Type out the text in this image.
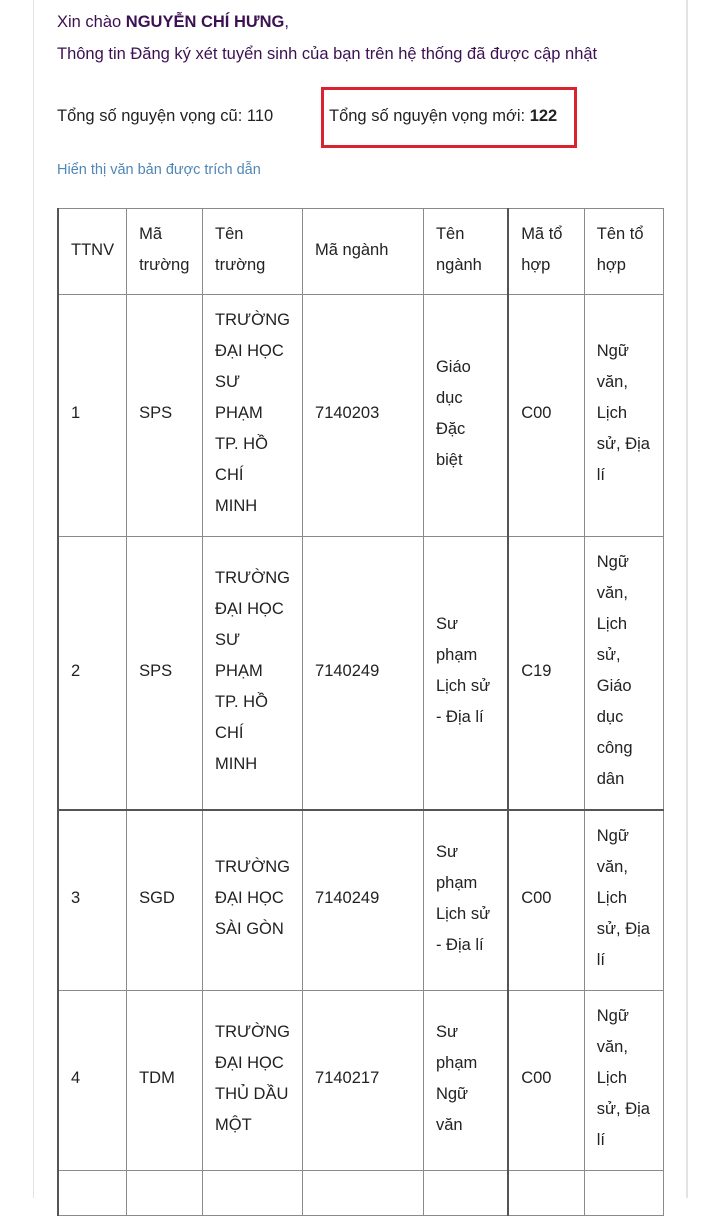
Xin chào NGUYỄN CHÍ HƯNG,
Thông tin Đăng ký xét tuyển sinh của bạn trên hệ thống đã được cập nhật
Tổng số nguyện vọng cũ: 110	Tổng số nguyện vọng mới: 122
Hiển thị văn bản được trích dẫn
TTNV	Mã trường	Tên trường	Mã ngành	Tên ngành	Mã tổ hợp	Tên tổ hợp
1	SPS	TRƯỜNG ĐẠI HỌC SƯ PHẠM TP. HỒ CHÍ MINH	7140203	Giáo dục Đặc biệt	C00	Ngữ văn, Lịch sử, Địa lí
2	SPS	TRƯỜNG ĐẠI HỌC SƯ PHẠM TP. HỒ CHÍ MINH	7140249	Sư phạm Lịch sử - Địa lí	C19	Ngữ văn, Lịch sử, Giáo dục công dân
3	SGD	TRƯỜNG ĐẠI HỌC SÀI GÒN	7140249	Sư phạm Lịch sử - Địa lí	C00	Ngữ văn, Lịch sử, Địa lí
4	TDM	TRƯỜNG ĐẠI HỌC THỦ DẦU MỘT	7140217	Sư phạm Ngữ văn	C00	Ngữ văn, Lịch sử, Địa lí
